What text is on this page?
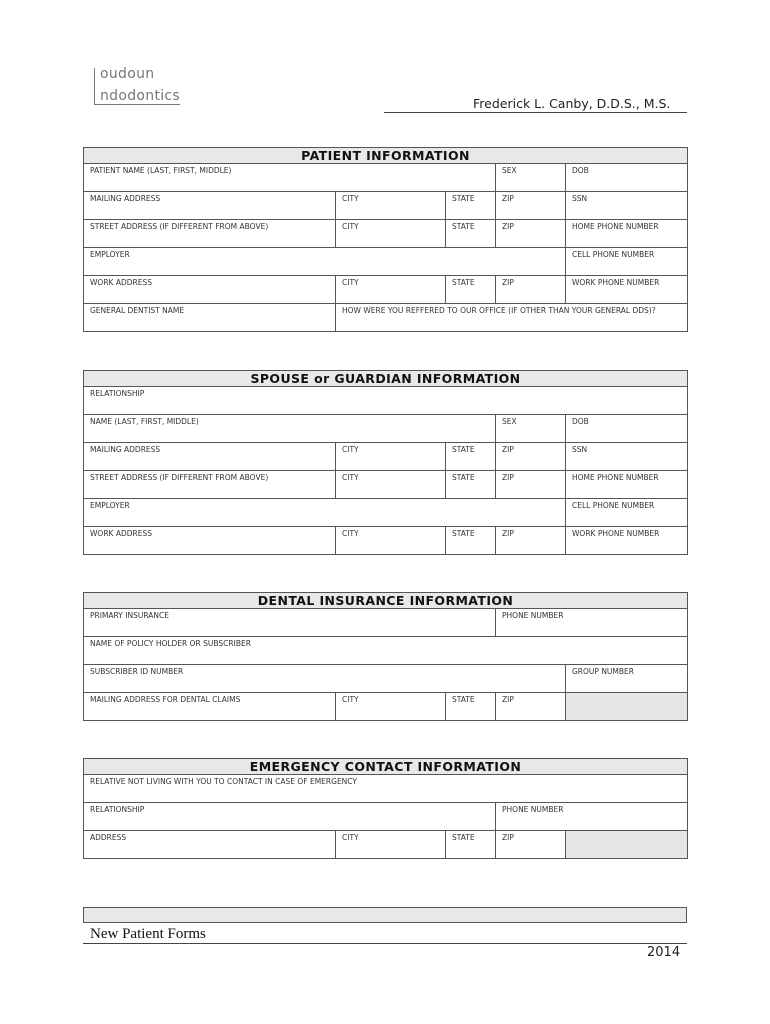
oudoun
ndodontics	Frederick L. Canby, D.D.S., M.S.
PATIENT INFORMATION				
PATIENT NAME (LAST, FIRST, MIDDLE)			SEX	DOB
MAILING ADDRESS	CITY	STATE	ZIP	SSN
STREET ADDRESS (IF DIFFERENT FROM ABOVE)	CITY	STATE	ZIP	HOME PHONE NUMBER
EMPLOYER				CELL PHONE NUMBER
WORK ADDRESS	CITY	STATE	ZIP	WORK PHONE NUMBER
GENERAL DENTIST NAME	HOW WERE YOU REFFERED TO OUR OFFICE (IF OTHER THAN YOUR GENERAL DDS)?			
SPOUSE or GUARDIAN INFORMATION				
RELATIONSHIP				
NAME (LAST, FIRST, MIDDLE)			SEX	DOB
MAILING ADDRESS	CITY	STATE	ZIP	SSN
STREET ADDRESS (IF DIFFERENT FROM ABOVE)	CITY	STATE	ZIP	HOME PHONE NUMBER
EMPLOYER				CELL PHONE NUMBER
WORK ADDRESS	CITY	STATE	ZIP	WORK PHONE NUMBER
DENTAL INSURANCE INFORMATION				
PRIMARY INSURANCE			PHONE NUMBER	
NAME OF POLICY HOLDER OR SUBSCRIBER				
SUBSCRIBER ID NUMBER				GROUP NUMBER
MAILING ADDRESS FOR DENTAL CLAIMS	CITY	STATE	ZIP	
EMERGENCY CONTACT INFORMATION				
RELATIVE NOT LIVING WITH YOU TO CONTACT IN CASE OF EMERGENCY				
RELATIONSHIP			PHONE NUMBER	
ADDRESS	CITY	STATE	ZIP	
New Patient Forms
2014
